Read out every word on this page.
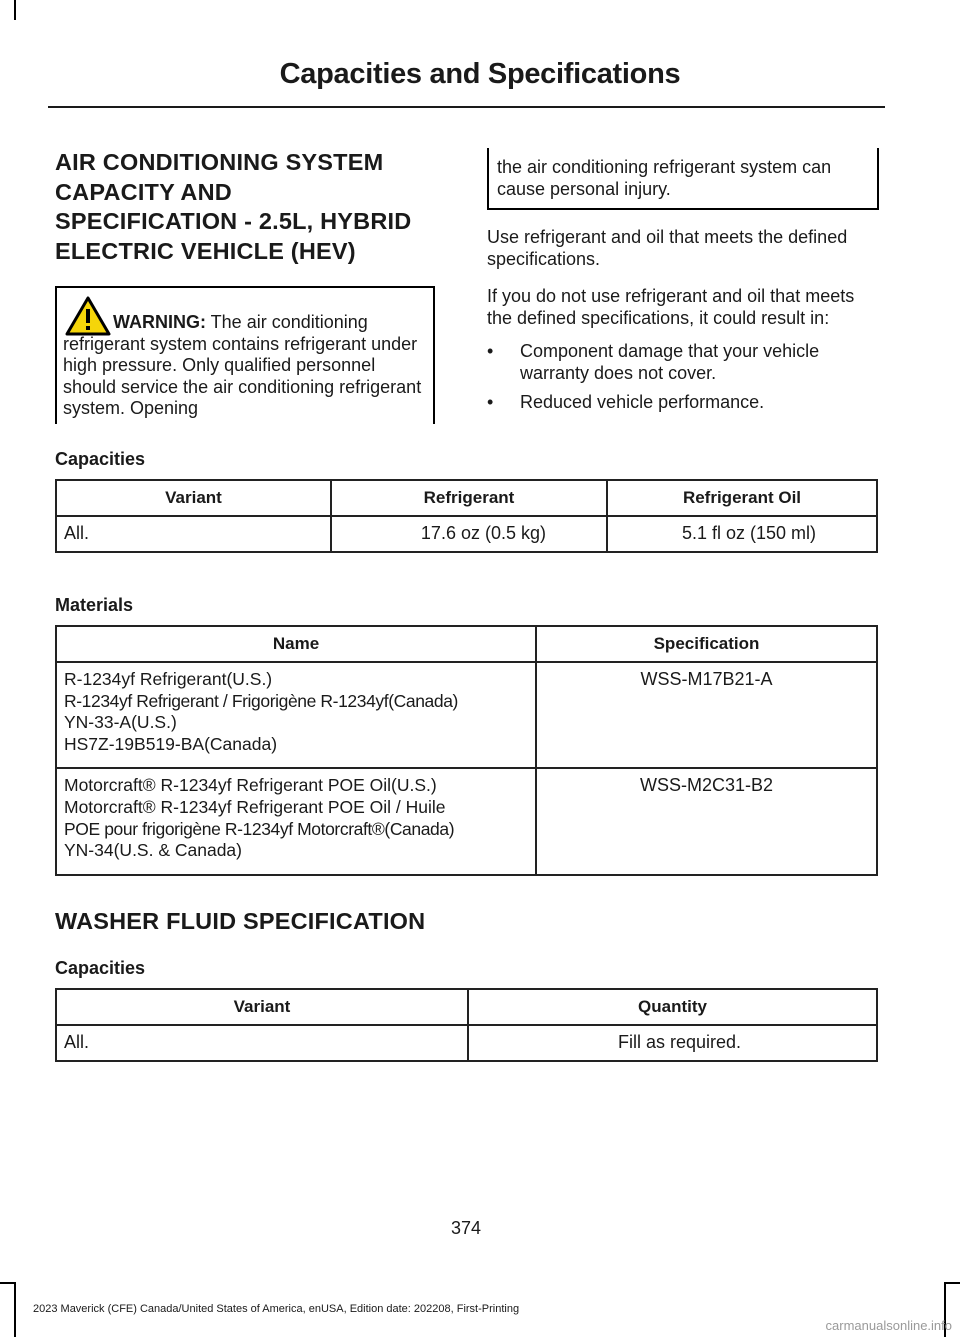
Capacities and Specifications
AIR CONDITIONING SYSTEM
CAPACITY AND
SPECIFICATION - 2.5L, HYBRID
ELECTRIC VEHICLE (HEV)
WARNING: The air conditioning refrigerant system contains refrigerant under high pressure. Only qualified personnel should service the air conditioning refrigerant system. Opening
the air conditioning refrigerant system can cause personal injury.

Use refrigerant and oil that meets the defined specifications.

If you do not use refrigerant and oil that meets the defined specifications, it could result in:

• Component damage that your vehicle warranty does not cover.
• Reduced vehicle performance.
Capacities
Variant	Refrigerant	Refrigerant Oil
All.	17.6 oz (0.5 kg)	5.1 fl oz (150 ml)
Materials
Name	Specification

R-1234yf Refrigerant(U.S.)
R-1234yf Refrigerant / Frigorigène R-1234yf(Canada)
YN-33-A(U.S.)
HS7Z-19B519-BA(Canada)	WSS-M17B21-A

Motorcraft® R-1234yf Refrigerant POE Oil(U.S.)
Motorcraft® R-1234yf Refrigerant POE Oil / Huile
POE pour frigorigène R-1234yf Motorcraft®(Canada)
YN-34(U.S. & Canada)	WSS-M2C31-B2
WASHER FLUID SPECIFICATION
Capacities
Variant	Quantity
All.	Fill as required.
374
2023 Maverick (CFE) Canada/United States of America, enUSA, Edition date: 202208, First-Printing
carmanualsonline.info
